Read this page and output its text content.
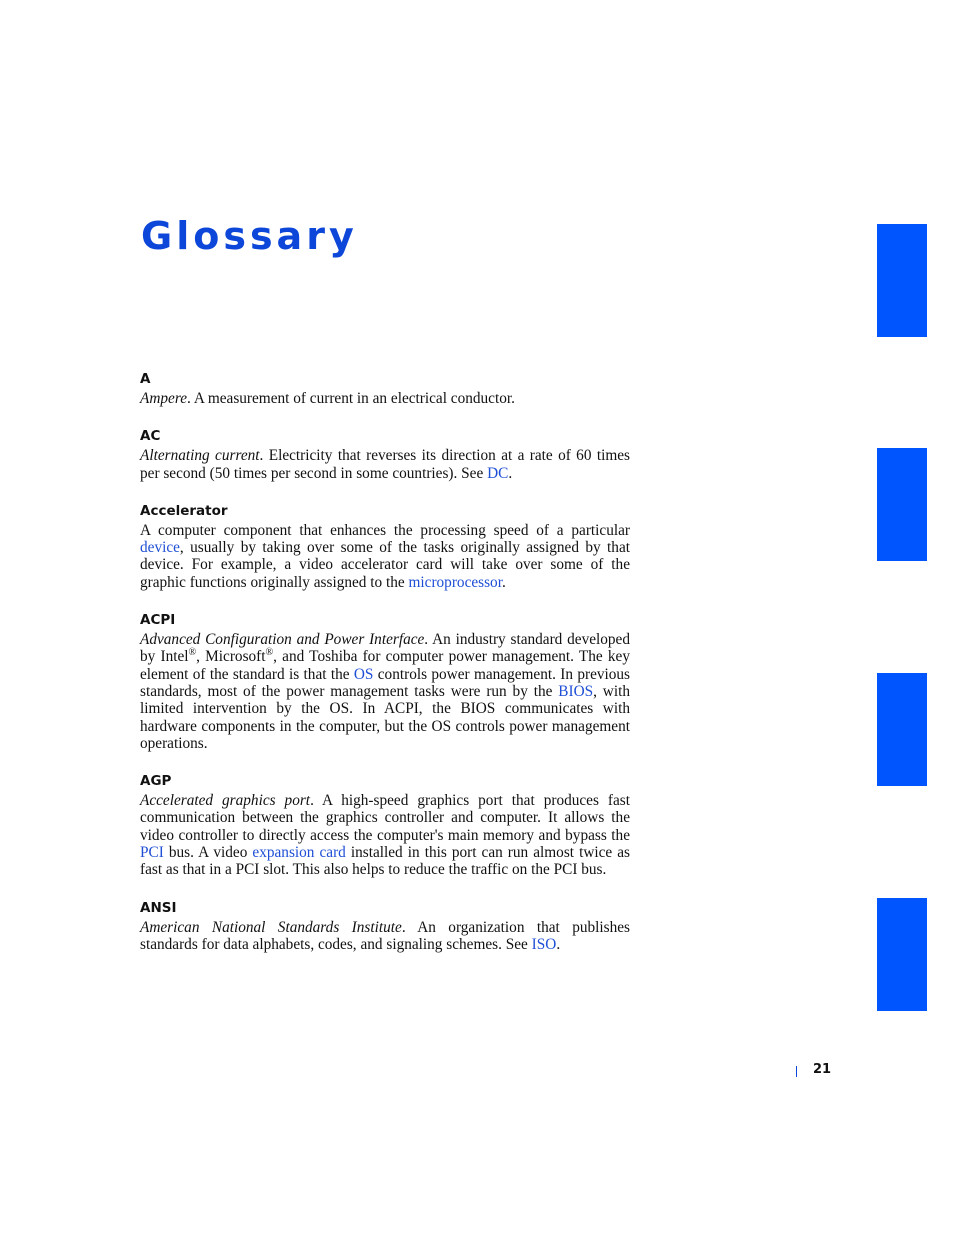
Glossary

A

Ampere. A measurement of current in an electrical conductor.

AC

Alternating current. Electricity that reverses its direction at a rate of 60 times per second (50 times per second in some countries). See DC.

Accelerator

A computer component that enhances the processing speed of a particular device, usually by taking over some of the tasks originally assigned by that device. For example, a video accelerator card will take over some of the graphic functions originally assigned to the microprocessor.

ACPI

Advanced Configuration and Power Interface. An industry standard developed by Intel®, Microsoft®, and Toshiba for computer power management. The key element of the standard is that the OS controls power management. In previous standards, most of the power management tasks were run by the BIOS, with limited intervention by the OS. In ACPI, the BIOS communicates with hardware components in the computer, but the OS controls power management operations.

AGP

Accelerated graphics port. A high-speed graphics port that produces fast communication between the graphics controller and computer. It allows the video controller to directly access the computer's main memory and bypass the PCI bus. A video expansion card installed in this port can run almost twice as fast as that in a PCI slot. This also helps to reduce the traffic on the PCI bus.

ANSI

American National Standards Institute. An organization that publishes standards for data alphabets, codes, and signaling schemes. See ISO.

21
